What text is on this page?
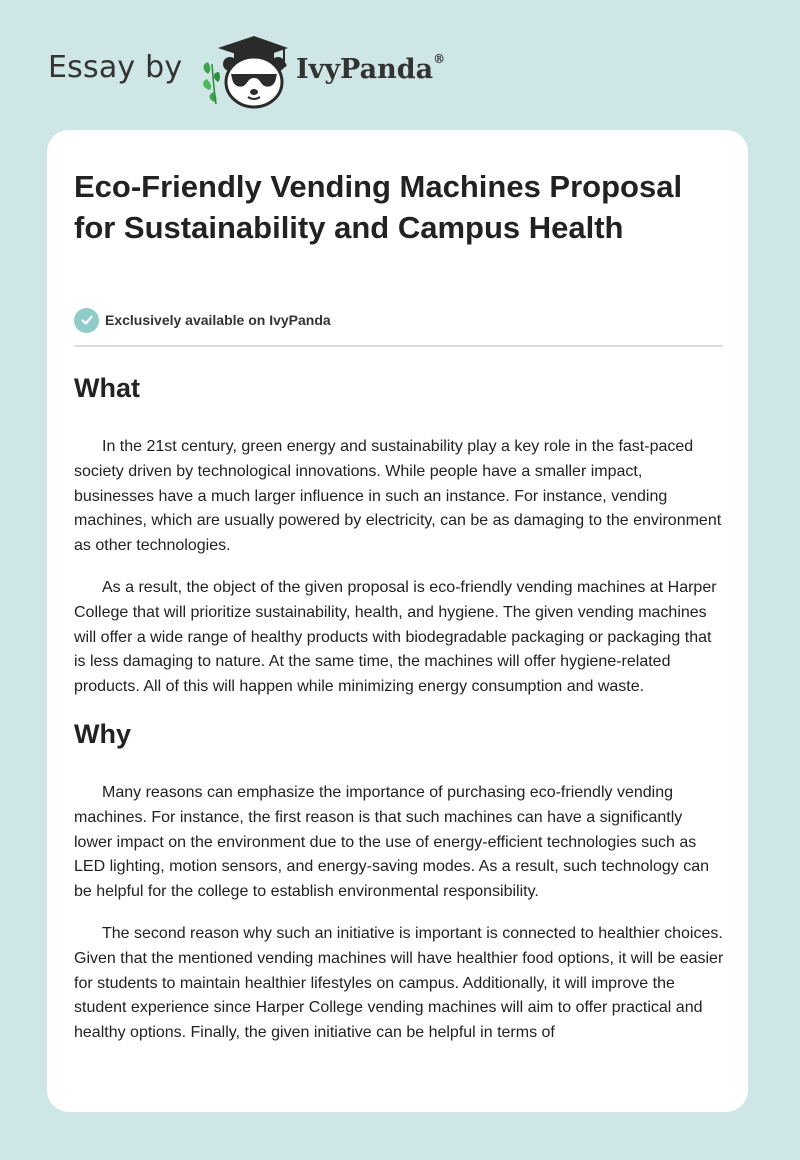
Essay by	IvyPanda®
Eco-Friendly Vending Machines Proposal for Sustainability and Campus Health
Exclusively available on IvyPanda
What

In the 21st century, green energy and sustainability play a key role in the fast-paced society driven by technological innovations. While people have a smaller impact, businesses have a much larger influence in such an instance. For instance, vending machines, which are usually powered by electricity, can be as damaging to the environment as other technologies.

As a result, the object of the given proposal is eco-friendly vending machines at Harper College that will prioritize sustainability, health, and hygiene. The given vending machines will offer a wide range of healthy products with biodegradable packaging or packaging that is less damaging to nature. At the same time, the machines will offer hygiene-related products. All of this will happen while minimizing energy consumption and waste.

Why

Many reasons can emphasize the importance of purchasing eco-friendly vending machines. For instance, the first reason is that such machines can have a significantly lower impact on the environment due to the use of energy-efficient technologies such as LED lighting, motion sensors, and energy-saving modes. As a result, such technology can be helpful for the college to establish environmental responsibility.

The second reason why such an initiative is important is connected to healthier choices. Given that the mentioned vending machines will have healthier food options, it will be easier for students to maintain healthier lifestyles on campus. Additionally, it will improve the student experience since Harper College vending machines will aim to offer practical and healthy options. Finally, the given initiative can be helpful in terms of
